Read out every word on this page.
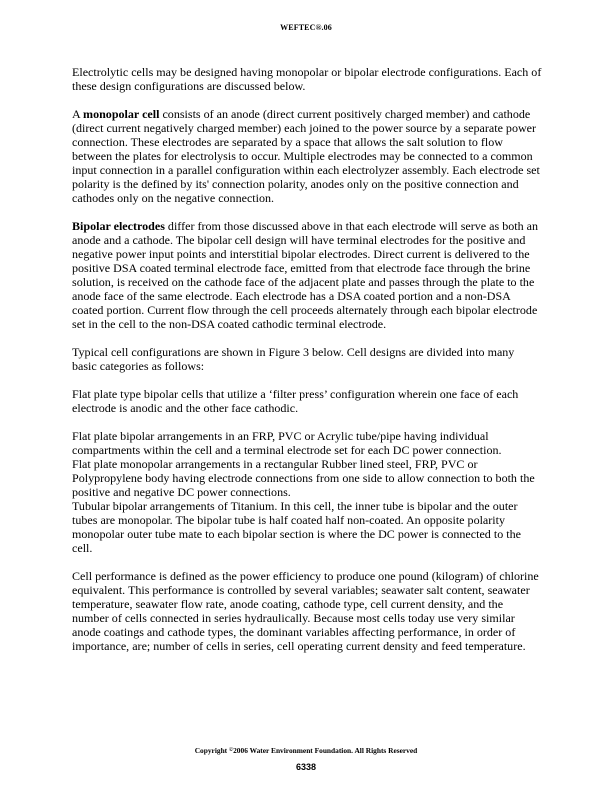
WEFTEC®.06
Electrolytic cells may be designed having monopolar or bipolar electrode configurations. Each of
these design configurations are discussed below.
A monopolar cell consists of an anode (direct current positively charged member) and cathode
(direct current negatively charged member) each joined to the power source by a separate power
connection. These electrodes are separated by a space that allows the salt solution to flow
between the plates for electrolysis to occur. Multiple electrodes may be connected to a common
input connection in a parallel configuration within each electrolyzer assembly. Each electrode set
polarity is the defined by its' connection polarity, anodes only on the positive connection and
cathodes only on the negative connection.
Bipolar electrodes differ from those discussed above in that each electrode will serve as both an
anode and a cathode. The bipolar cell design will have terminal electrodes for the positive and
negative power input points and interstitial bipolar electrodes. Direct current is delivered to the
positive DSA coated terminal electrode face, emitted from that electrode face through the brine
solution, is received on the cathode face of the adjacent plate and passes through the plate to the
anode face of the same electrode. Each electrode has a DSA coated portion and a non-DSA
coated portion. Current flow through the cell proceeds alternately through each bipolar electrode
set in the cell to the non-DSA coated cathodic terminal electrode.
Typical cell configurations are shown in Figure 3 below. Cell designs are divided into many
basic categories as follows:
Flat plate type bipolar cells that utilize a ‘filter press’ configuration wherein one face of each
electrode is anodic and the other face cathodic.
Flat plate bipolar arrangements in an FRP, PVC or Acrylic tube/pipe having individual
compartments within the cell and a terminal electrode set for each DC power connection.
Flat plate monopolar arrangements in a rectangular Rubber lined steel, FRP, PVC or
Polypropylene body having electrode connections from one side to allow connection to both the
positive and negative DC power connections.
Tubular bipolar arrangements of Titanium. In this cell, the inner tube is bipolar and the outer
tubes are monopolar. The bipolar tube is half coated half non-coated. An opposite polarity
monopolar outer tube mate to each bipolar section is where the DC power is connected to the
cell.
Cell performance is defined as the power efficiency to produce one pound (kilogram) of chlorine
equivalent. This performance is controlled by several variables; seawater salt content, seawater
temperature, seawater flow rate, anode coating, cathode type, cell current density, and the
number of cells connected in series hydraulically. Because most cells today use very similar
anode coatings and cathode types, the dominant variables affecting performance, in order of
importance, are; number of cells in series, cell operating current density and feed temperature.
Copyright ©2006 Water Environment Foundation. All Rights Reserved
6338
